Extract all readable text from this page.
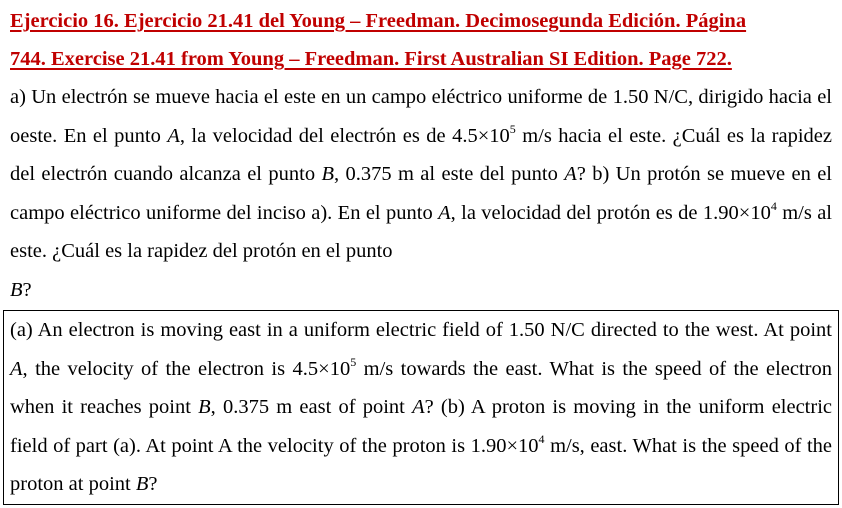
Ejercicio 16. Ejercicio 21.41 del Young – Freedman. Decimosegunda Edición. Página
744. Exercise 21.41 from Young – Freedman. First Australian SI Edition. Page 722.

a) Un electrón se mueve hacia el este en un campo eléctrico uniforme de 1.50 N/C, dirigido hacia el oeste. En el punto A, la velocidad del electrón es de $4.5\times 10^5$ m/s hacia el este. ¿Cuál es la rapidez del electrón cuando alcanza el punto B, 0.375 m al este del punto A? b) Un protón se mueve en el campo eléctrico uniforme del inciso a). En el punto A, la velocidad del protón es de $1.90\times 10^4$ m/s al este. ¿Cuál es la rapidez del protón en el punto
B?

(a) An electron is moving east in a uniform electric field of 1.50 N/C directed to the west. At point A, the velocity of the electron is $4.5\times 10^5$ m/s towards the east. What is the speed of the electron when it reaches point B, 0.375 m east of point A? (b) A proton is moving in the uniform electric field of part (a). At point A the velocity of the proton is $1.90\times 10^4$ m/s, east. What is the speed of the proton at point B?
